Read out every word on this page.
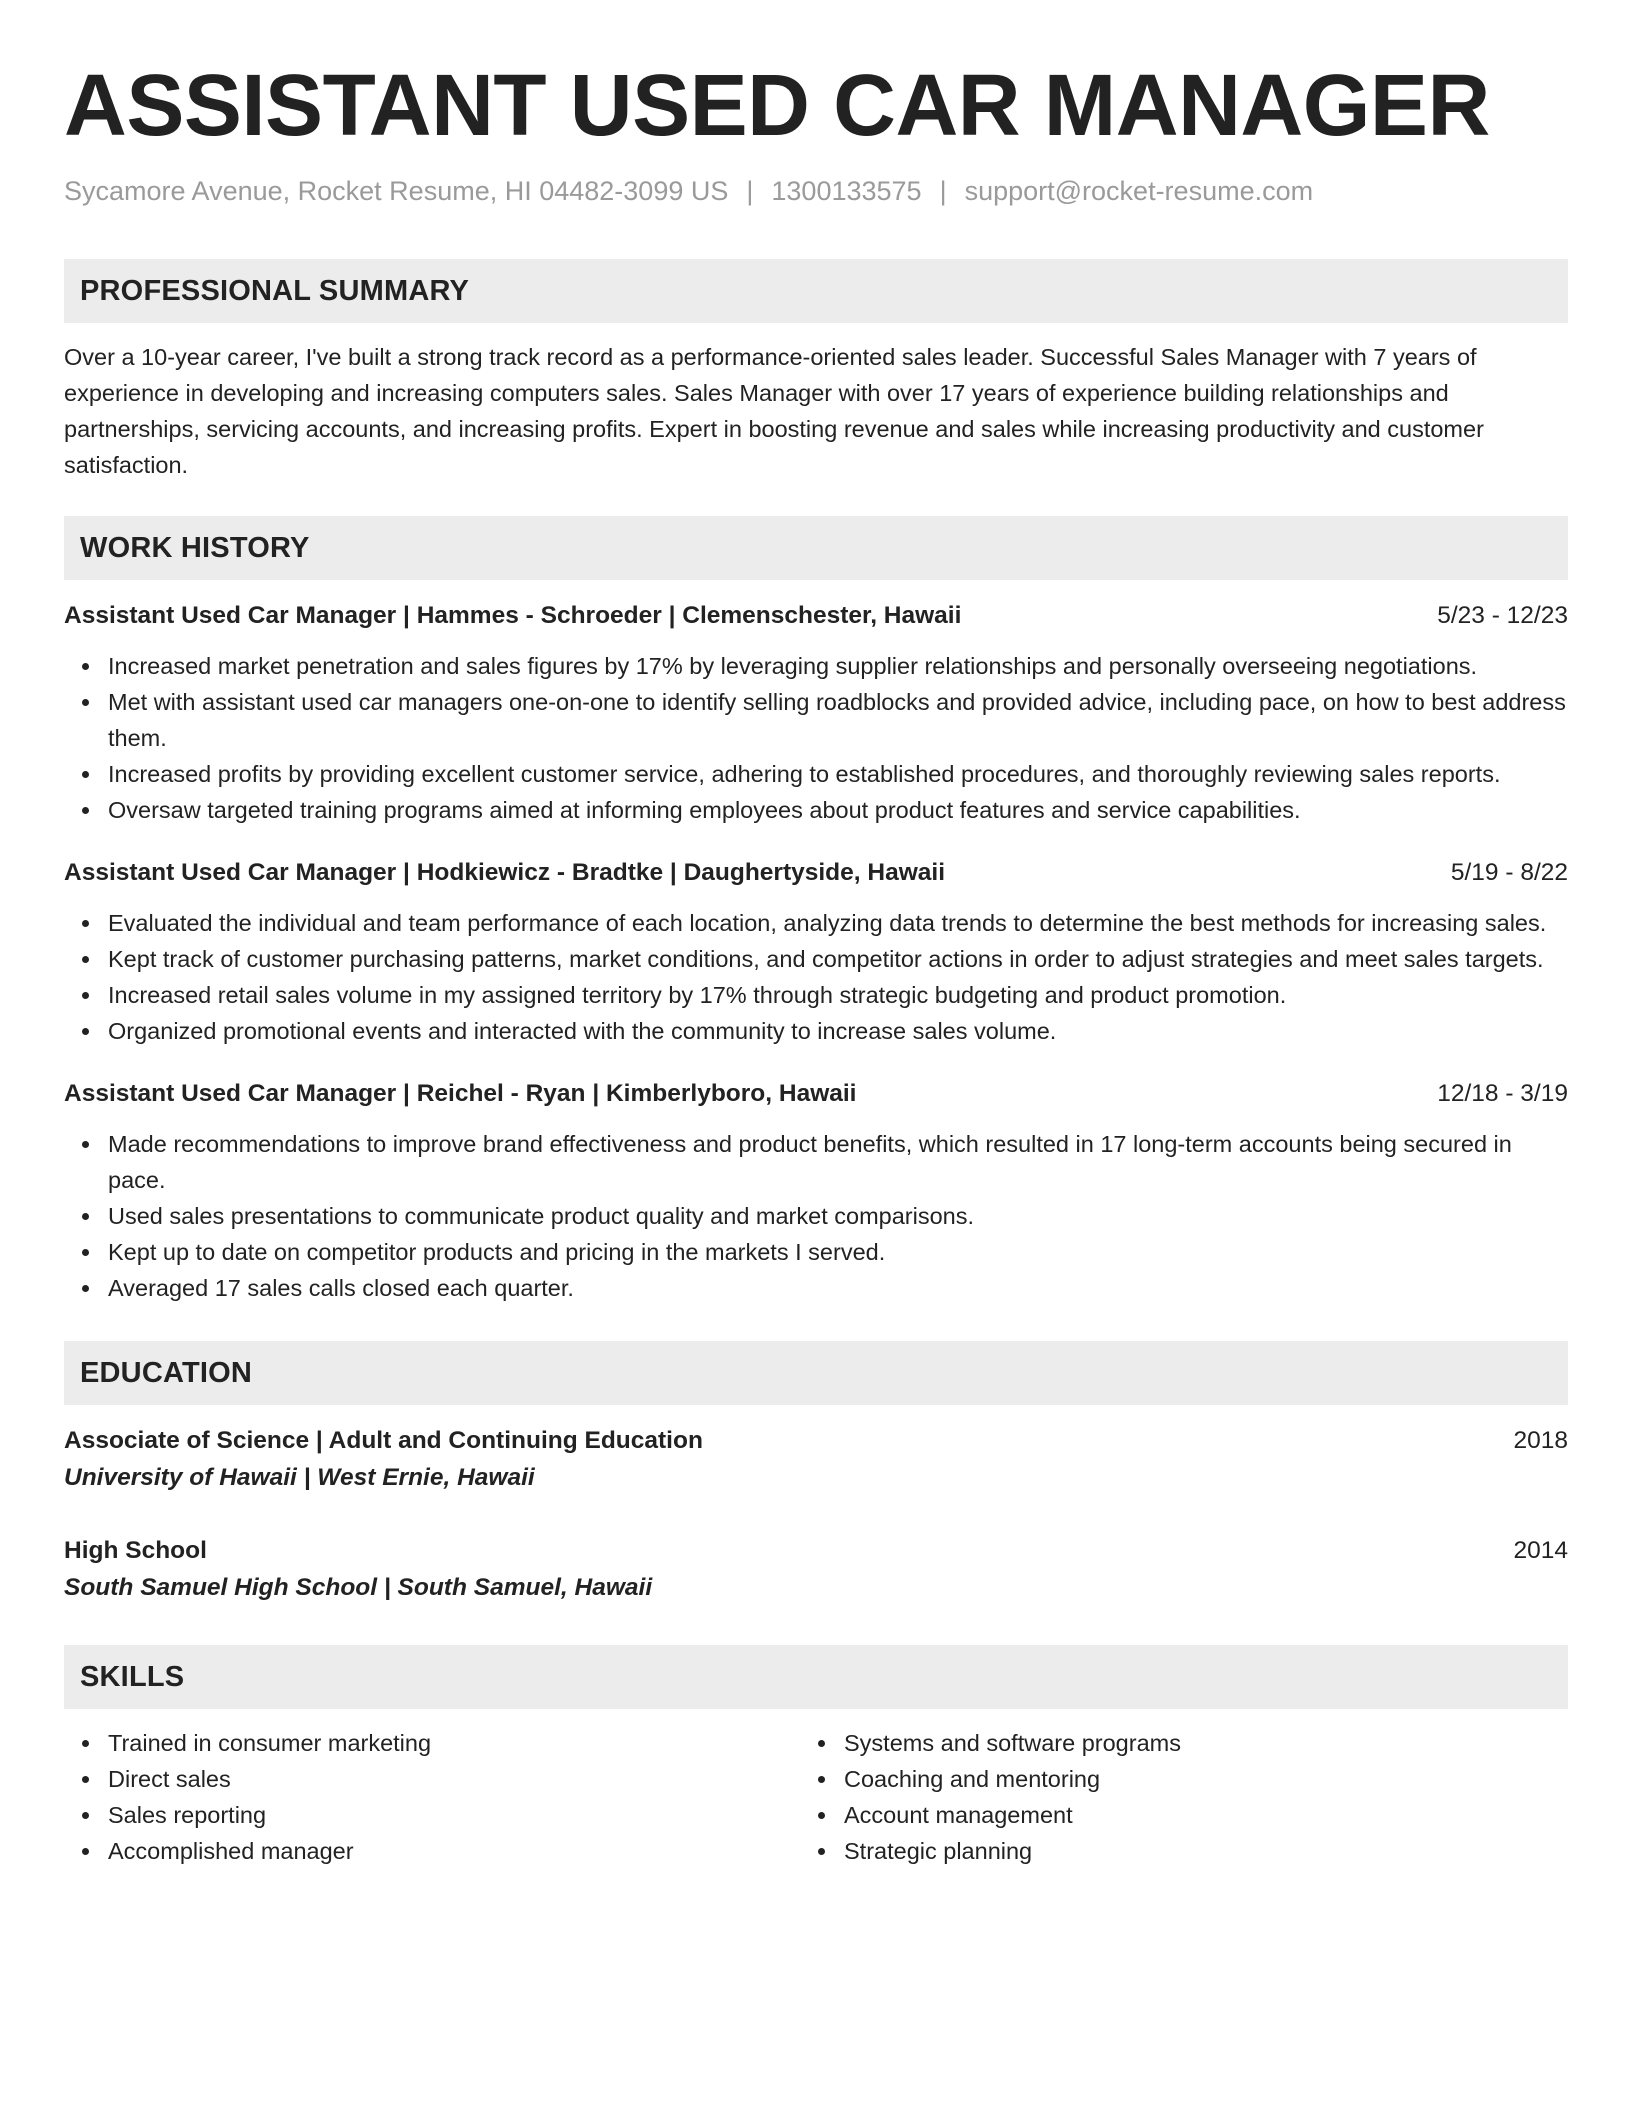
ASSISTANT USED CAR MANAGER
Sycamore Avenue, Rocket Resume, HI 04482-3099 US | 1300133575 | support@rocket-resume.com
PROFESSIONAL SUMMARY
Over a 10-year career, I've built a strong track record as a performance-oriented sales leader. Successful Sales Manager with 7 years of experience in developing and increasing computers sales. Sales Manager with over 17 years of experience building relationships and partnerships, servicing accounts, and increasing profits. Expert in boosting revenue and sales while increasing productivity and customer satisfaction.
WORK HISTORY
Assistant Used Car Manager | Hammes - Schroeder | Clemenschester, Hawaii	5/23 - 12/23
Increased market penetration and sales figures by 17% by leveraging supplier relationships and personally overseeing negotiations.
Met with assistant used car managers one-on-one to identify selling roadblocks and provided advice, including pace, on how to best address them.
Increased profits by providing excellent customer service, adhering to established procedures, and thoroughly reviewing sales reports.
Oversaw targeted training programs aimed at informing employees about product features and service capabilities.
Assistant Used Car Manager | Hodkiewicz - Bradtke | Daughertyside, Hawaii	5/19 - 8/22
Evaluated the individual and team performance of each location, analyzing data trends to determine the best methods for increasing sales.
Kept track of customer purchasing patterns, market conditions, and competitor actions in order to adjust strategies and meet sales targets.
Increased retail sales volume in my assigned territory by 17% through strategic budgeting and product promotion.
Organized promotional events and interacted with the community to increase sales volume.
Assistant Used Car Manager | Reichel - Ryan | Kimberlyboro, Hawaii	12/18 - 3/19
Made recommendations to improve brand effectiveness and product benefits, which resulted in 17 long-term accounts being secured in pace.
Used sales presentations to communicate product quality and market comparisons.
Kept up to date on competitor products and pricing in the markets I served.
Averaged 17 sales calls closed each quarter.
EDUCATION
Associate of Science | Adult and Continuing Education	2018
University of Hawaii | West Ernie, Hawaii
High School	2014
South Samuel High School | South Samuel, Hawaii
SKILLS
Trained in consumer marketing
Direct sales
Sales reporting
Accomplished manager
Systems and software programs
Coaching and mentoring
Account management
Strategic planning
